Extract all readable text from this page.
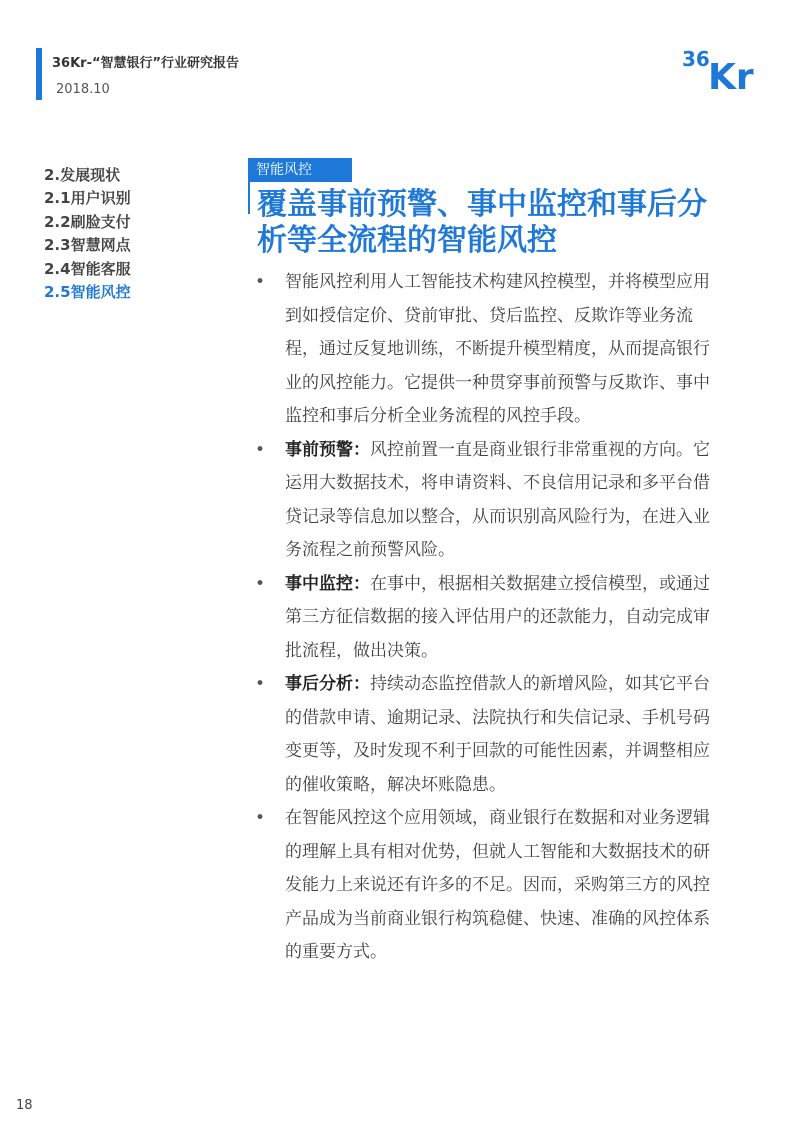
36Kr-“智慧银行”行业研究报告
2018.10
36
Kr
2.发展现状
2.1用户识别
2.2刷脸支付
2.3智慧网点
2.4智能客服
2.5智能风控
智能风控
覆盖事前预警、事中监控和事后分析等全流程的智能风控
• 智能风控利用人工智能技术构建风控模型，并将模型应用到如授信定价、贷前审批、贷后监控、反欺诈等业务流程，通过反复地训练，不断提升模型精度，从而提高银行业的风控能力。它提供一种贯穿事前预警与反欺诈、事中监控和事后分析全业务流程的风控手段。
• 事前预警：风控前置一直是商业银行非常重视的方向。它运用大数据技术，将申请资料、不良信用记录和多平台借贷记录等信息加以整合，从而识别高风险行为，在进入业务流程之前预警风险。
• 事中监控：在事中，根据相关数据建立授信模型，或通过第三方征信数据的接入评估用户的还款能力，自动完成审批流程，做出决策。
• 事后分析：持续动态监控借款人的新增风险，如其它平台的借款申请、逾期记录、法院执行和失信记录、手机号码变更等，及时发现不利于回款的可能性因素，并调整相应的催收策略，解决坏账隐患。
• 在智能风控这个应用领域，商业银行在数据和对业务逻辑的理解上具有相对优势，但就人工智能和大数据技术的研发能力上来说还有许多的不足。因而，采购第三方的风控产品成为当前商业银行构筑稳健、快速、准确的风控体系的重要方式。
18
